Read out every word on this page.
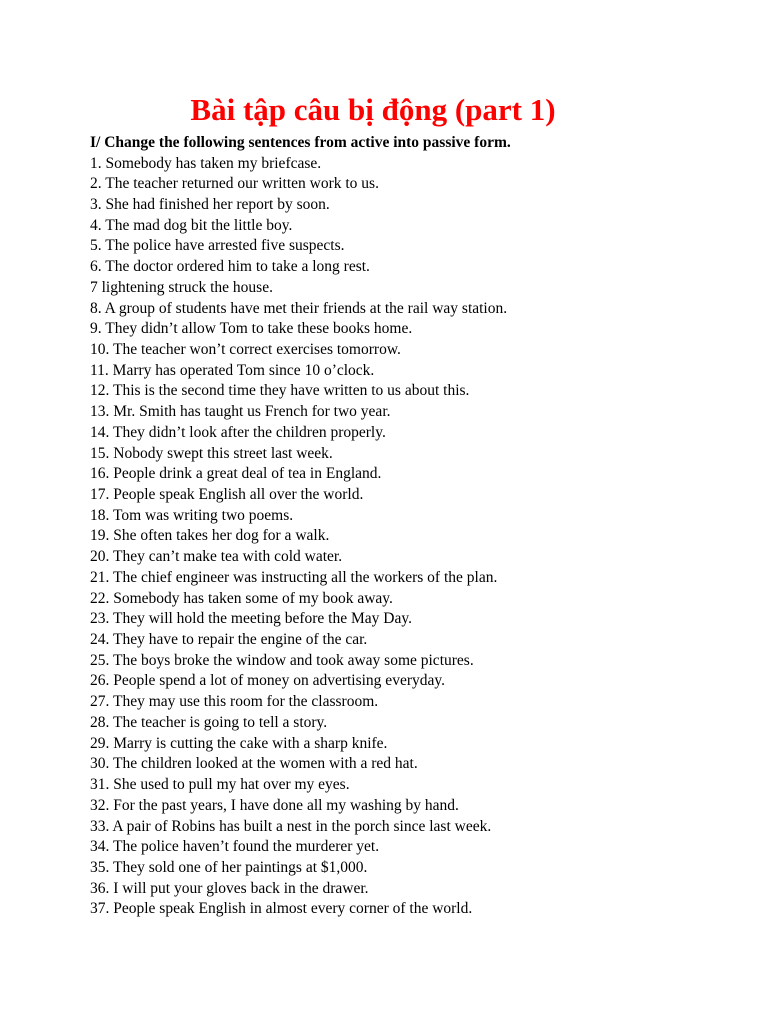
Bài tập câu bị động (part 1)

I/ Change the following sentences from active into passive form.

1. Somebody has taken my briefcase.
2. The teacher returned our written work to us.
3. She had finished her report by soon.
4. The mad dog bit the little boy.
5. The police have arrested five suspects.
6. The doctor ordered him to take a long rest.
7 lightening struck the house.
8. A group of students have met their friends at the rail way station.
9. They didn’t allow Tom to take these books home.
10. The teacher won’t correct exercises tomorrow.
11. Marry has operated Tom since 10 o’clock.
12. This is the second time they have written to us about this.
13. Mr. Smith has taught us French for two year.
14. They didn’t look after the children properly.
15. Nobody swept this street last week.
16. People drink a great deal of tea in England.
17. People speak English all over the world.
18. Tom was writing two poems.
19. She often takes her dog for a walk.
20. They can’t make tea with cold water.
21. The chief engineer was instructing all the workers of the plan.
22. Somebody has taken some of my book away.
23. They will hold the meeting before the May Day.
24. They have to repair the engine of the car.
25. The boys broke the window and took away some pictures.
26. People spend a lot of money on advertising everyday.
27. They may use this room for the classroom.
28. The teacher is going to tell a story.
29. Marry is cutting the cake with a sharp knife.
30. The children looked at the women with a red hat.
31. She used to pull my hat over my eyes.
32. For the past years, I have done all my washing by hand.
33. A pair of Robins has built a nest in the porch since last week.
34. The police haven’t found the murderer yet.
35. They sold one of her paintings at $1,000.
36. I will put your gloves back in the drawer.
37. People speak English in almost every corner of the world.
